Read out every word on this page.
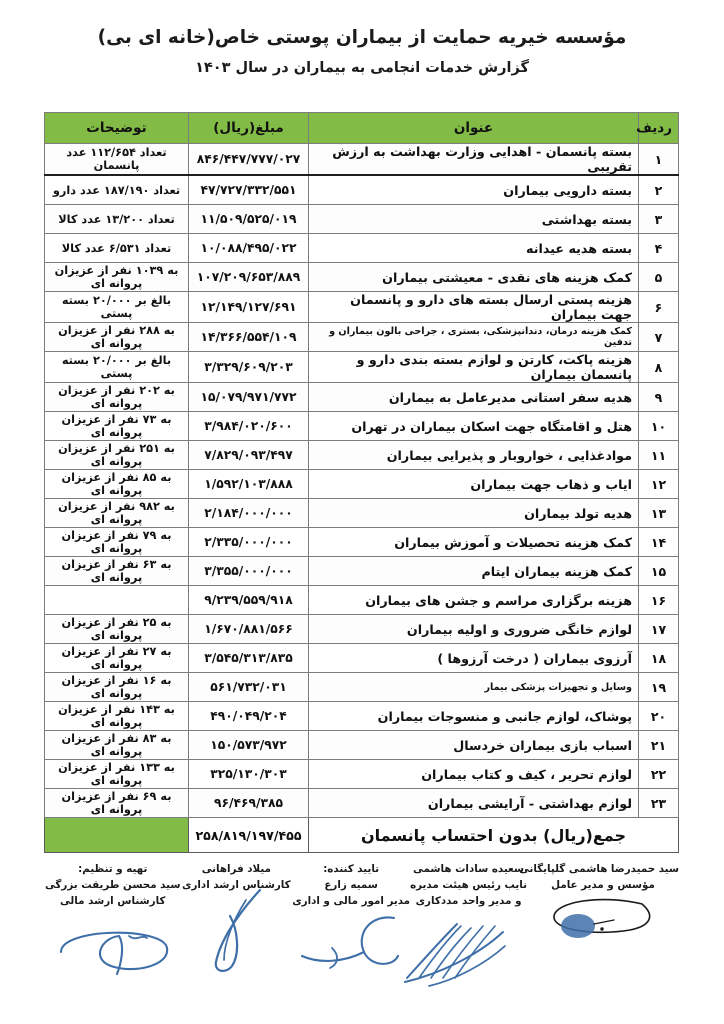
مؤسسه خیریه حمایت از بیماران پوستی خاص(خانه ای بی)
گزارش خدمات انجامی به بیماران در سال ۱۴۰۳
ردیف	عنوان	مبلغ(ریال)	توضیحات
۱	بسته پانسمان - اهدایی وزارت بهداشت به ارزش تقریبی	۸۴۶/۴۴۷/۷۷۷/۰۲۷	تعداد ۱۱۲/۶۵۴ عدد پانسمان
۲	بسته دارویی بیماران	۴۷/۷۲۷/۳۳۲/۵۵۱	تعداد ۱۸۷/۱۹۰ عدد دارو
۳	بسته بهداشتی	۱۱/۵۰۹/۵۲۵/۰۱۹	تعداد ۱۳/۲۰۰ عدد کالا
۴	بسته هدیه عیدانه	۱۰/۰۸۸/۴۹۵/۰۲۲	تعداد ۶/۵۳۱ عدد کالا
۵	کمک هزینه های نقدی - معیشتی بیماران	۱۰۷/۲۰۹/۶۵۳/۸۸۹	به ۱۰۳۹ نفر از عزیزان پروانه ای
۶	هزینه پستی ارسال بسته های دارو و پانسمان جهت بیماران	۱۲/۱۴۹/۱۲۷/۶۹۱	بالغ بر ۲۰/۰۰۰ بسته پستی
۷	کمک هزینه درمان، دندانپزشکی، بستری ، جراحی بالون بیماران و تدفین	۱۴/۳۶۶/۵۵۴/۱۰۹	به ۲۸۸ نفر از عزیزان پروانه ای
۸	هزینه پاکت، کارتن و لوازم بسته بندی دارو و پانسمان بیماران	۳/۳۲۹/۶۰۹/۲۰۳	بالغ بر ۲۰/۰۰۰ بسته پستی
۹	هدیه سفر استانی مدیرعامل به بیماران	۱۵/۰۷۹/۹۷۱/۷۷۲	به ۲۰۲ نفر از عزیزان پروانه ای
۱۰	هتل و اقامتگاه جهت اسکان بیماران در تهران	۳/۹۸۴/۰۲۰/۶۰۰	به ۷۳ نفر از عزیزان پروانه ای
۱۱	موادغذایی ، خواروبار و پذیرایی بیماران	۷/۸۲۹/۰۹۳/۴۹۷	به ۲۵۱ نفر از عزیزان پروانه ای
۱۲	ایاب و ذهاب جهت بیماران	۱/۵۹۲/۱۰۳/۸۸۸	به ۸۵ نفر از عزیزان پروانه ای
۱۳	هدیه تولد بیماران	۲/۱۸۴/۰۰۰/۰۰۰	به ۹۸۲ نفر از عزیزان پروانه ای
۱۴	کمک هزینه تحصیلات و آموزش بیماران	۲/۳۳۵/۰۰۰/۰۰۰	به ۷۹ نفر از عزیزان پروانه ای
۱۵	کمک هزینه بیماران ایتام	۳/۳۵۵/۰۰۰/۰۰۰	به ۶۳ نفر از عزیزان پروانه ای
۱۶	هزینه برگزاری مراسم و جشن های بیماران	۹/۲۳۹/۵۵۹/۹۱۸	
۱۷	لوازم خانگی ضروری و اولیه بیماران	۱/۶۷۰/۸۸۱/۵۶۶	به ۲۵ نفر از عزیزان پروانه ای
۱۸	آرزوی بیماران ( درخت آرزوها )	۳/۵۴۵/۳۱۳/۸۳۵	به ۲۷ نفر از عزیزان پروانه ای
۱۹	وسایل و تجهیزات پزشکی بیمار	۵۶۱/۷۳۲/۰۳۱	به ۱۶ نفر از عزیزان پروانه ای
۲۰	پوشاک، لوازم جانبی و منسوجات بیماران	۴۹۰/۰۴۹/۲۰۴	به ۱۴۳ نفر از عزیزان پروانه ای
۲۱	اسباب بازی بیماران خردسال	۱۵۰/۵۷۳/۹۷۲	به ۸۳ نفر از عزیزان پروانه ای
۲۲	لوازم تحریر ، کیف و کتاب بیماران	۳۲۵/۱۳۰/۳۰۳	به ۱۳۳ نفر از عزیزان پروانه ای
۲۳	لوازم بهداشتی - آرایشی بیماران	۹۶/۴۶۹/۳۸۵	به ۶۹ نفر از عزیزان پروانه ای
جمع(ریال) بدون احتساب پانسمان		۲۵۸/۸۱۹/۱۹۷/۴۵۵	
تهیه و تنظیم:
سید محسن طریقت بزرگی
کارشناس ارشد مالی
میلاد فراهانی
کارشناس ارشد اداری
تایید کننده:
سمیه زارع
مدیر امور مالی و اداری
سعیده سادات هاشمی
نایب رئیس هیئت مدیره
و مدیر واحد مددکاری
سید حمیدرضا هاشمی گلپایگانی
مؤسس و مدیر عامل
